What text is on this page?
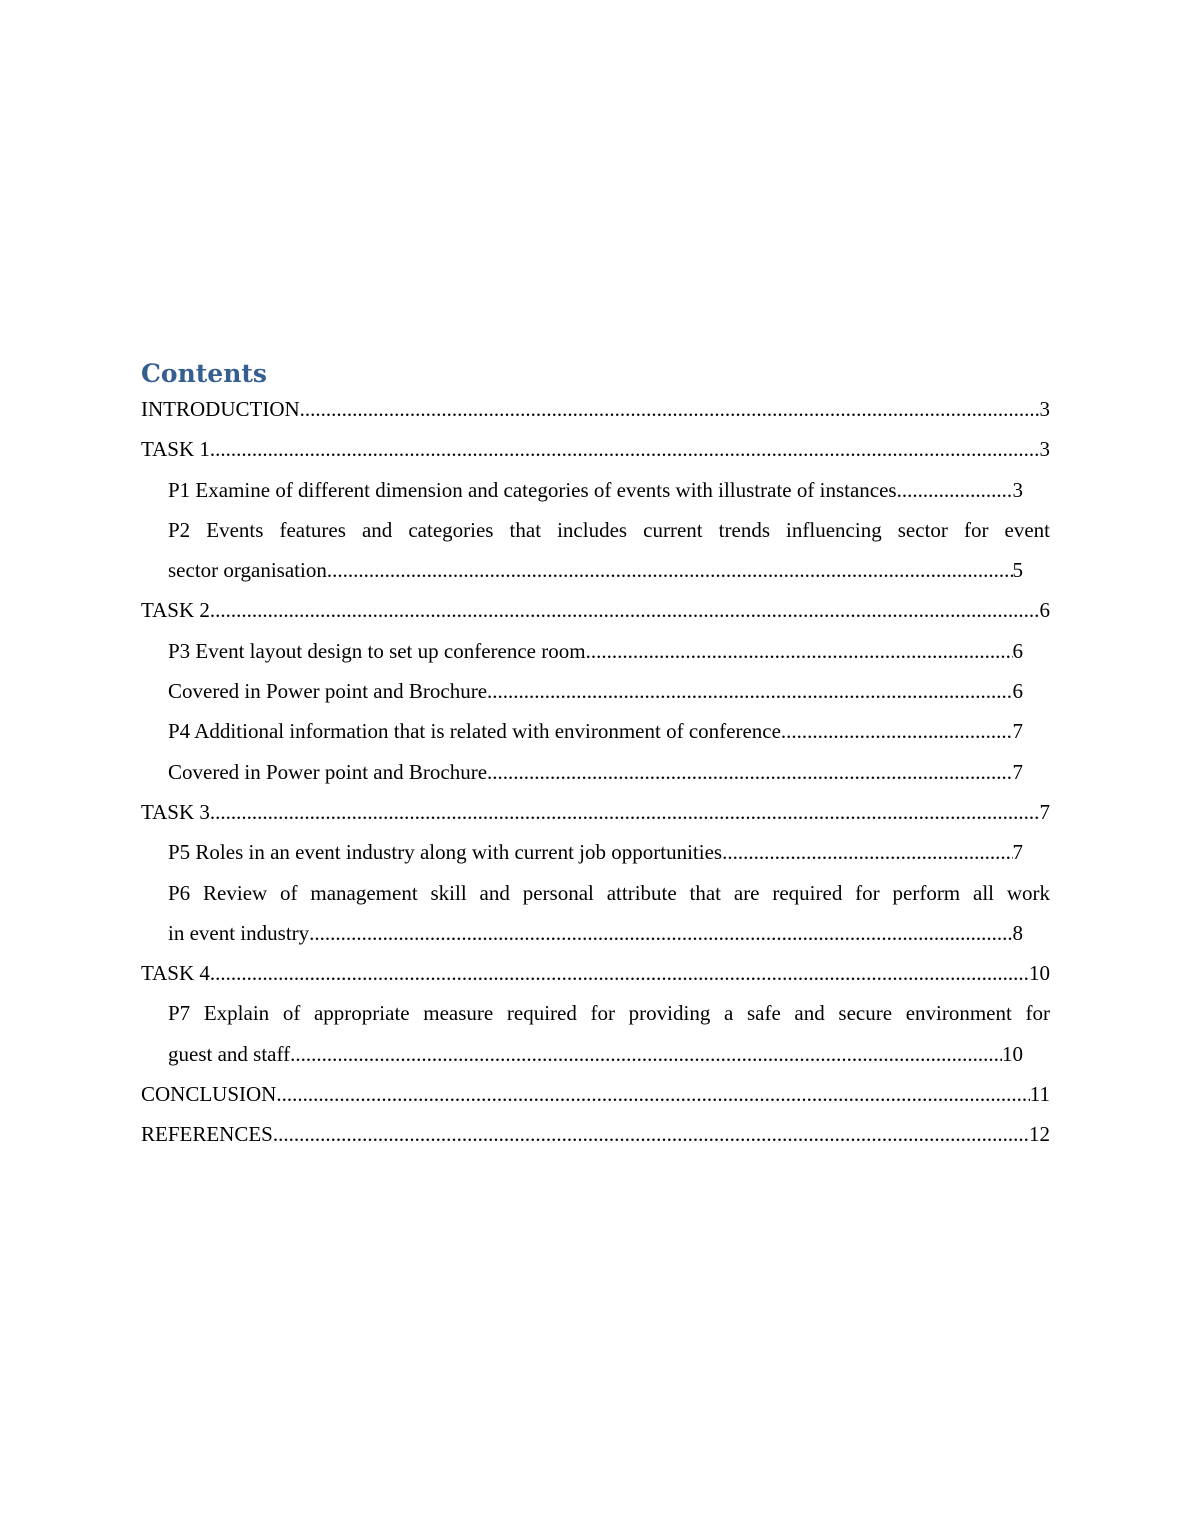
Contents
INTRODUCTION .....	3
TASK 1 .....	3
P1 Examine of different dimension and categories of events with illustrate of instances. .....	3
P2 Events features and categories that includes current trends influencing sector for event
sector organisation .....	5
TASK 2 .....	6
P3 Event layout design to set up conference room .....	6
Covered in Power point and Brochure .....	6
P4 Additional information that is related with environment of conference .....	7
Covered in Power point and Brochure .....	7
TASK 3 .....	7
P5 Roles in an event industry along with current job opportunities .....	7
P6 Review of management skill and personal attribute that are required for perform all work
in event industry .....	8
TASK 4 .....	10
P7 Explain of appropriate measure required for providing a safe and secure environment for
guest and staff .....	10
CONCLUSION .....	11
REFERENCES .....	12
